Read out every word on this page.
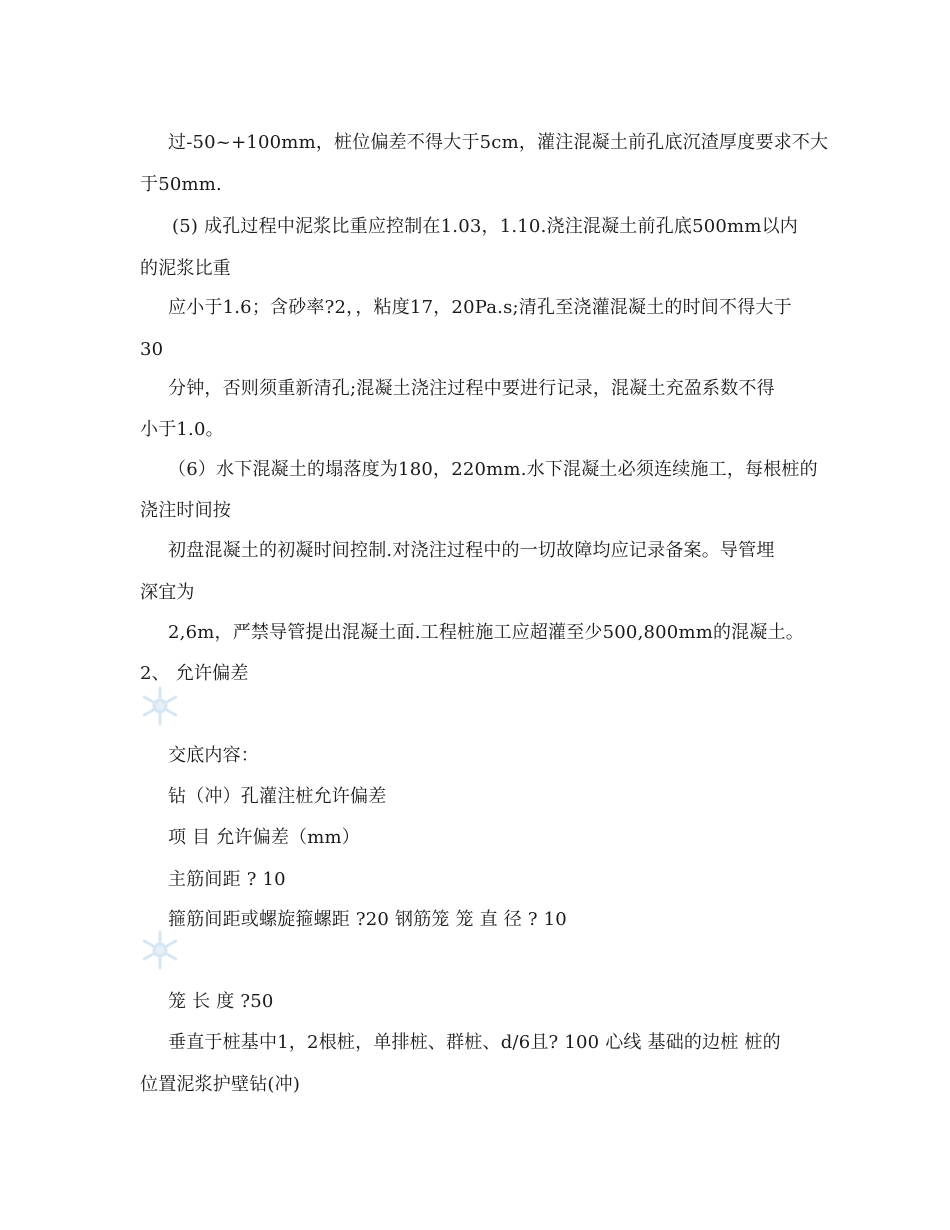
过-50~+100mm，桩位偏差不得大于5cm，灌注混凝土前孔底沉渣厚度要求不大
于50mm.
(5) 成孔过程中泥浆比重应控制在1.03，1.10.浇注混凝土前孔底500mm以内
的泥浆比重
应小于1.6；含砂率?2，，粘度17，20Pa.s;清孔至浇灌混凝土的时间不得大于
30
分钟，否则须重新清孔;混凝土浇注过程中要进行记录，混凝土充盈系数不得
小于1.0。
（6）水下混凝土的塌落度为180，220mm.水下混凝土必须连续施工，每根桩的
浇注时间按
初盘混凝土的初凝时间控制.对浇注过程中的一切故障均应记录备案。导管埋
深宜为
2,6m，严禁导管提出混凝土面.工程桩施工应超灌至少500,800mm的混凝土。
2、 允许偏差
交底内容：
钻（冲）孔灌注桩允许偏差
项 目 允许偏差（mm）
主筋间距 ? 10
箍筋间距或螺旋箍螺距 ?20 钢筋笼 笼 直 径 ? 10
笼 长 度 ?50
垂直于桩基中1，2根桩，单排桩、群桩、d/6且? 100 心线 基础的边桩 桩的
位置泥浆护壁钻(冲)
